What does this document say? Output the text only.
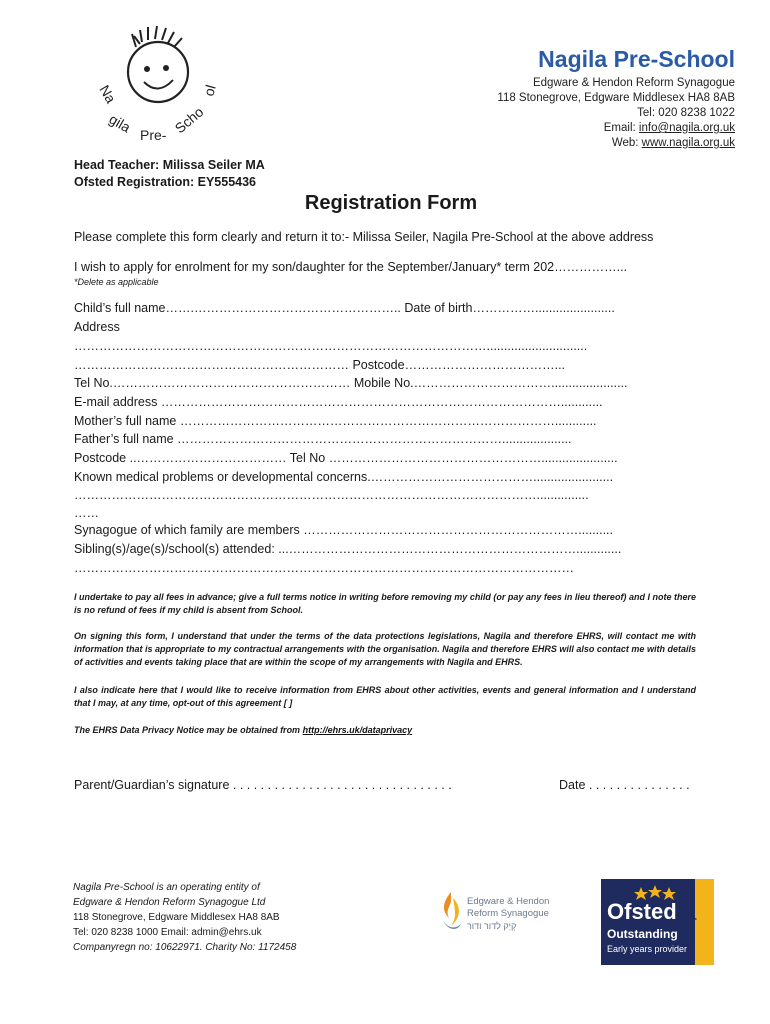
Na
gila Pre- Scho
ol
Nagila Pre-School
Edgware & Hendon Reform Synagogue
118 Stonegrove, Edgware Middlesex HA8 8AB
Tel: 020 8238 1022
Email: info@nagila.org.uk
Web: www.nagila.org.uk
Head Teacher: Milissa Seiler MA
Ofsted Registration: EY555436
Registration Form
Please complete this form clearly and return it to:- Milissa Seiler, Nagila Pre-School at the above address
I wish to apply for enrolment for my son/daughter for the September/January* term 202……………...
*Delete as applicable
Child’s full name…….………………………………………….. Date of birth…………….......................
Address
……………………………………………………………………………………….............................
………………………………………………………… Postcode………………………………...
Tel No.………………………………………………… Mobile No.……………………………......................
E-mail address ……………………………………………………………………………………............
Mother’s full name ………………………………………………………………………………............
Father’s full name ……………………………………………………………………....................
Postcode ..……………………………… Tel No ……………………………………………......................
Known medical problems or developmental concerns.………………………………….......................
…………………………………………………………………………………………………...............
……
Synagogue of which family are members …………………………………………………………..........
Sibling(s)/age(s)/school(s) attended: ...…………………………………………………………….............
…………………………………………………………………………………………………………
I undertake to pay all fees in advance; give a full terms notice in writing before removing my child (or pay any fees in lieu thereof) and I note there is no refund of fees if my child is absent from School.
On signing this form, I understand that under the terms of the data protections legislations, Nagila and therefore EHRS, will contact me with information that is appropriate to my contractual arrangements with the organisation. Nagila and therefore EHRS will also contact me with details of activities and events taking place that are within the scope of my arrangements with Nagila and EHRS.
I also indicate here that I would like to receive information from EHRS about other activities, events and general information and I understand that I may, at any time, opt-out of this agreement [ ]
The EHRS Data Privacy Notice may be obtained from http://ehrs.uk/dataprivacy
Parent/Guardian’s signature . . . . . . . . . . . . . . . . . . . . . . . . . . . . . . . .	Date . . . . . . . . . . . . . . .
Nagila Pre-School is an operating entity of
Edgware & Hendon Reform Synagogue Ltd
118 Stonegrove, Edgware Middlesex HA8 8AB
Tel: 020 8238 1000 Email: admin@ehrs.uk
Companyregn no: 10622971. Charity No: 1172458
Edgware & Hendon
Reform Synagogue
קְיְק לדור ודור
Ofsted
Outstanding
Early years provider
2015|2016
